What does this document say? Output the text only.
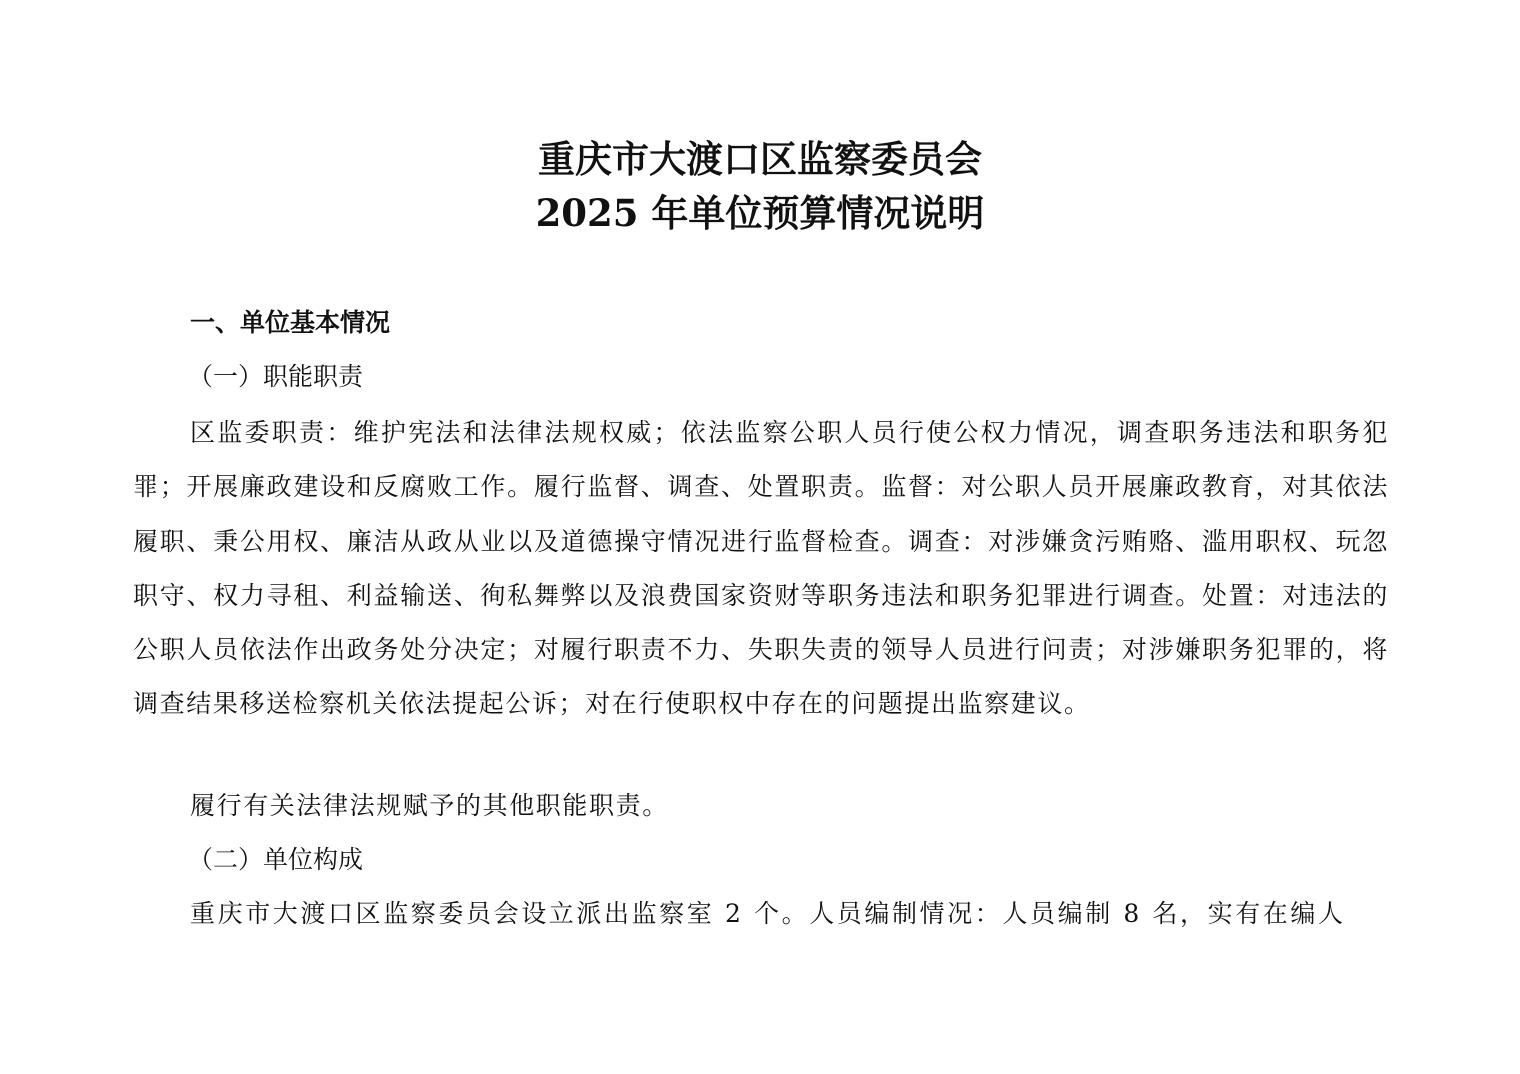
重庆市大渡口区监察委员会
2025 年单位预算情况说明
一、单位基本情况
（一）职能职责
区监委职责：维护宪法和法律法规权威；依法监察公职人员行使公权力情况，调查职务违法和职务犯罪；开展廉政建设和反腐败工作。履行监督、调查、处置职责。监督：对公职人员开展廉政教育，对其依法履职、秉公用权、廉洁从政从业以及道德操守情况进行监督检查。调查：对涉嫌贪污贿赂、滥用职权、玩忽职守、权力寻租、利益输送、徇私舞弊以及浪费国家资财等职务违法和职务犯罪进行调查。处置：对违法的公职人员依法作出政务处分决定；对履行职责不力、失职失责的领导人员进行问责；对涉嫌职务犯罪的，将调查结果移送检察机关依法提起公诉；对在行使职权中存在的问题提出监察建议。
履行有关法律法规赋予的其他职能职责。
（二）单位构成
重庆市大渡口区监察委员会设立派出监察室 2 个。人员编制情况：人员编制 8 名，实有在编人
